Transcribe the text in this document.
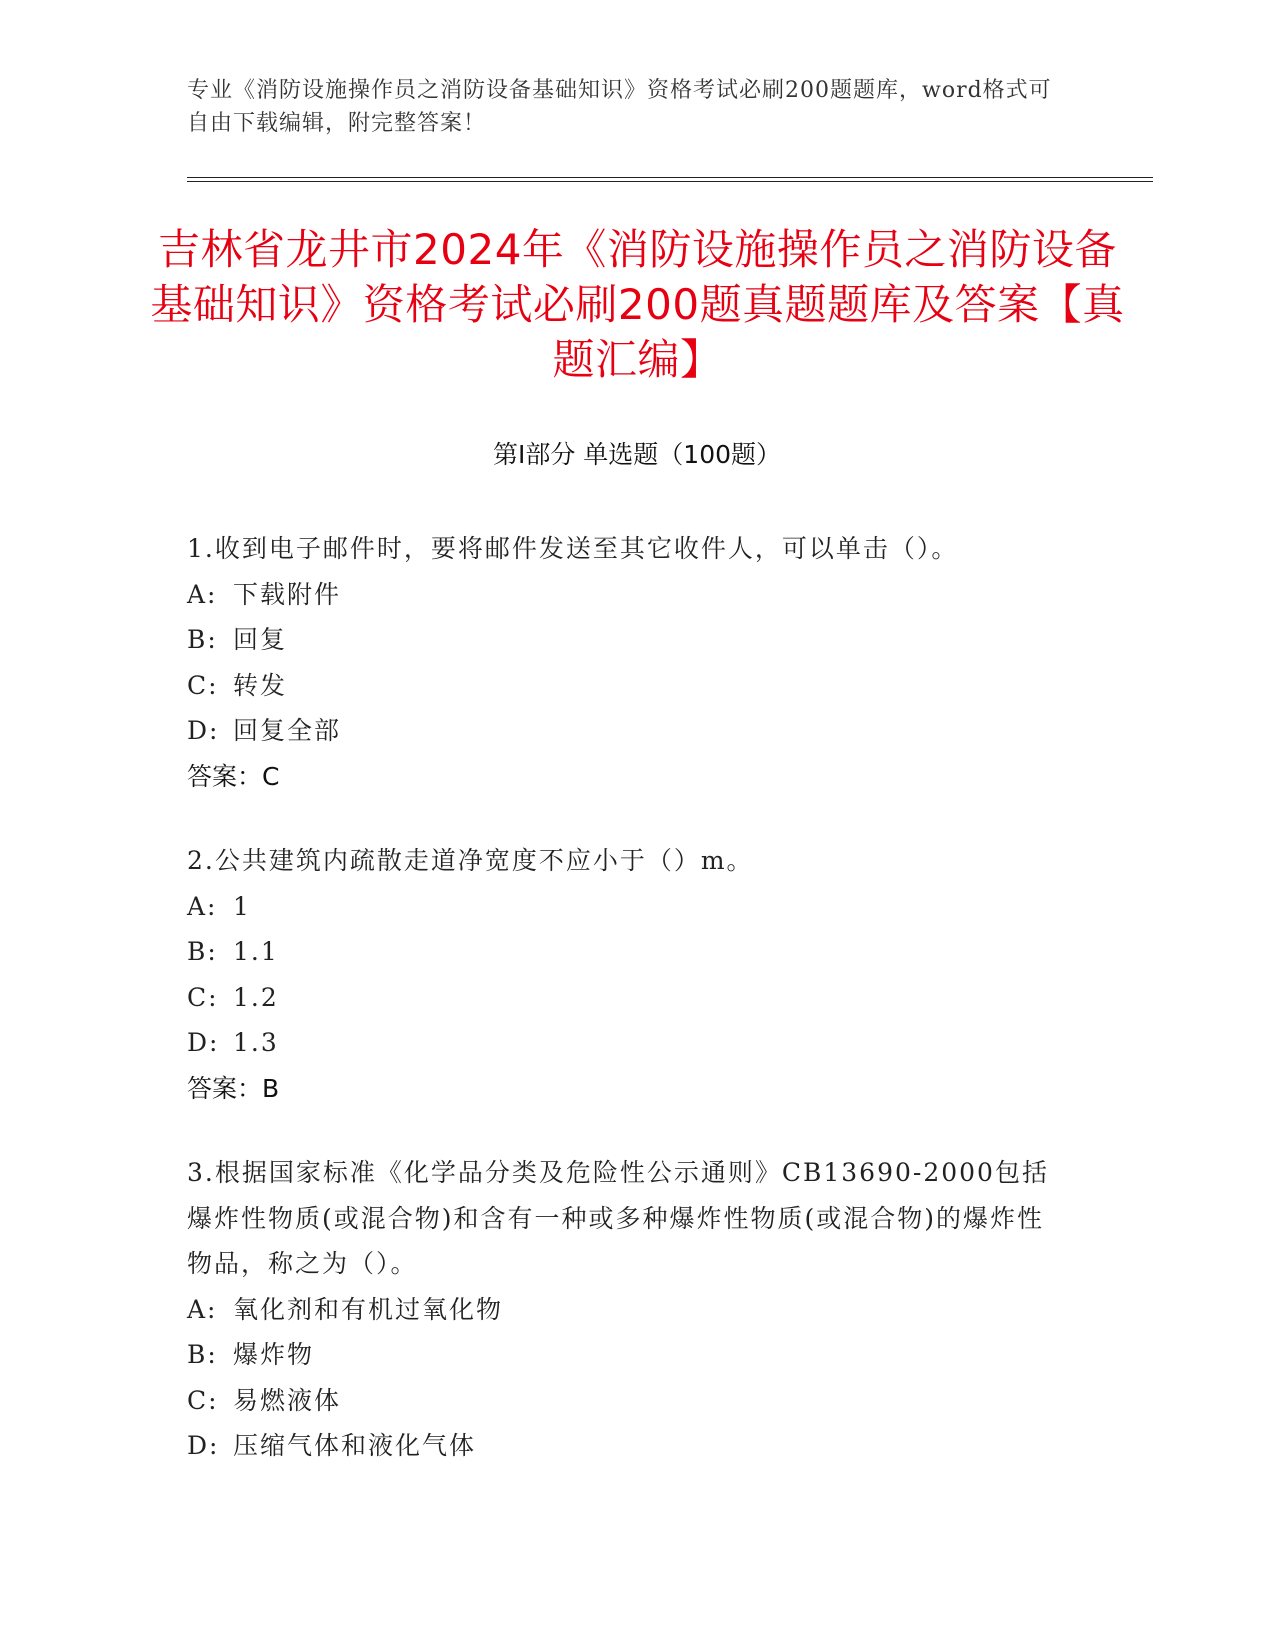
专业《消防设施操作员之消防设备基础知识》资格考试必刷200题题库，word格式可自由下载编辑，附完整答案！
吉林省龙井市2024年《消防设施操作员之消防设备基础知识》资格考试必刷200题真题题库及答案【真题汇编】
第Ⅰ部分 单选题（100题）
1.收到电子邮件时，要将邮件发送至其它收件人，可以单击（）。
A: 下载附件
B: 回复
C: 转发
D: 回复全部
答案：C
2.公共建筑内疏散走道净宽度不应小于（）m。
A: 1
B: 1.1
C: 1.2
D: 1.3
答案：B
3.根据国家标准《化学品分类及危险性公示通则》CB13690-2000包括爆炸性物质(或混合物)和含有一种或多种爆炸性物质(或混合物)的爆炸性物品，称之为（）。
A: 氧化剂和有机过氧化物
B: 爆炸物
C: 易燃液体
D: 压缩气体和液化气体
